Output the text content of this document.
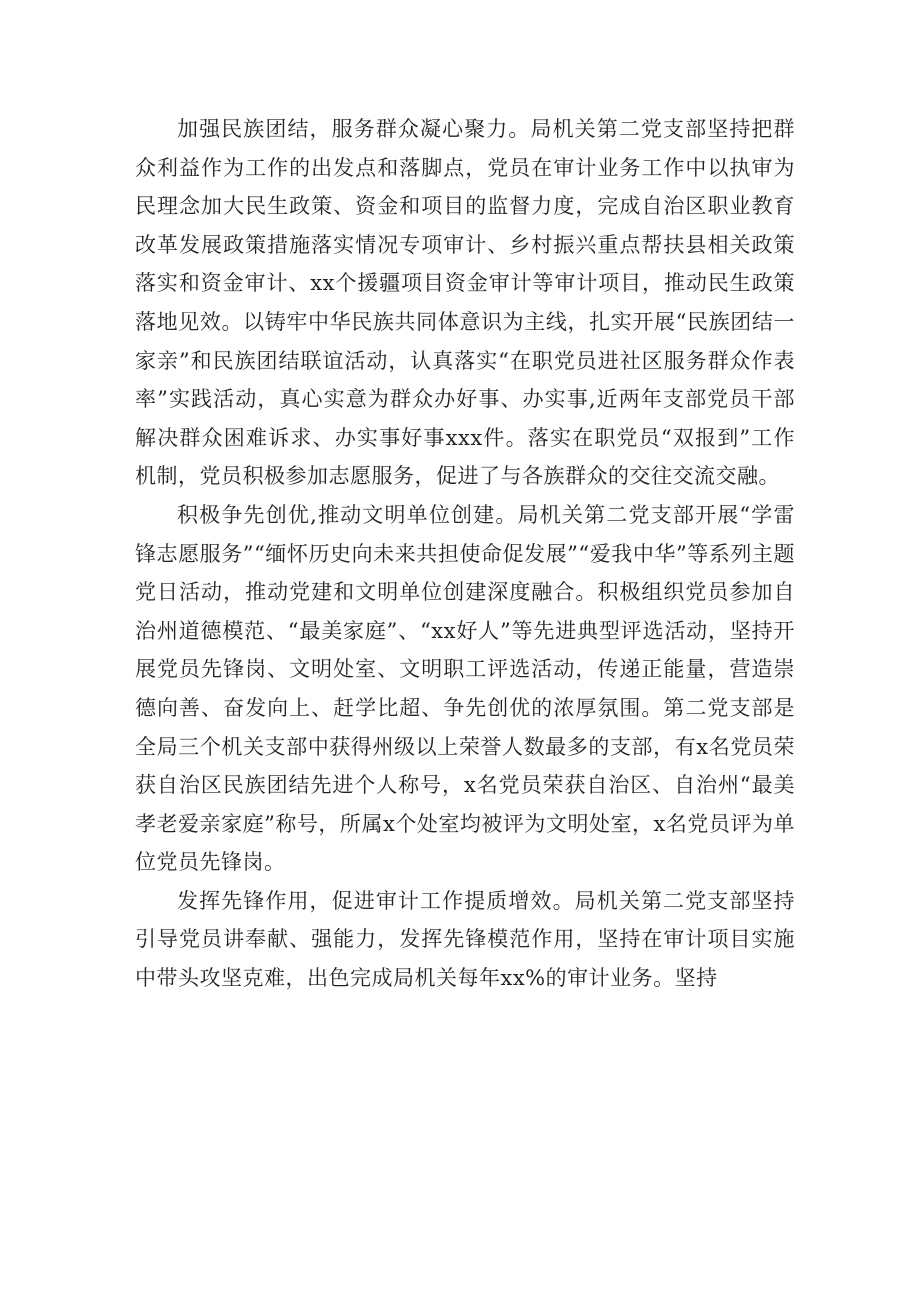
加强民族团结，服务群众凝心聚力。局机关第二党支部坚持把群众利益作为工作的出发点和落脚点，党员在审计业务工作中以执审为民理念加大民生政策、资金和项目的监督力度，完成自治区职业教育改革发展政策措施落实情况专项审计、乡村振兴重点帮扶县相关政策落实和资金审计、xx个援疆项目资金审计等审计项目，推动民生政策落地见效。以铸牢中华民族共同体意识为主线，扎实开展“民族团结一家亲”和民族团结联谊活动，认真落实“在职党员进社区服务群众作表率”实践活动，真心实意为群众办好事、办实事,近两年支部党员干部解决群众困难诉求、办实事好事xxx件。落实在职党员“双报到”工作机制，党员积极参加志愿服务，促进了与各族群众的交往交流交融。

积极争先创优,推动文明单位创建。局机关第二党支部开展“学雷锋志愿服务”“缅怀历史向未来共担使命促发展”“爱我中华”等系列主题党日活动，推动党建和文明单位创建深度融合。积极组织党员参加自治州道德模范、“最美家庭”、“xx好人”等先进典型评选活动，坚持开展党员先锋岗、文明处室、文明职工评选活动，传递正能量，营造崇德向善、奋发向上、赶学比超、争先创优的浓厚氛围。第二党支部是全局三个机关支部中获得州级以上荣誉人数最多的支部，有x名党员荣获自治区民族团结先进个人称号，x名党员荣获自治区、自治州“最美孝老爱亲家庭”称号，所属x个处室均被评为文明处室，x名党员评为单位党员先锋岗。

发挥先锋作用，促进审计工作提质增效。局机关第二党支部坚持引导党员讲奉献、强能力，发挥先锋模范作用，坚持在审计项目实施中带头攻坚克难，出色完成局机关每年xx%的审计业务。坚持
